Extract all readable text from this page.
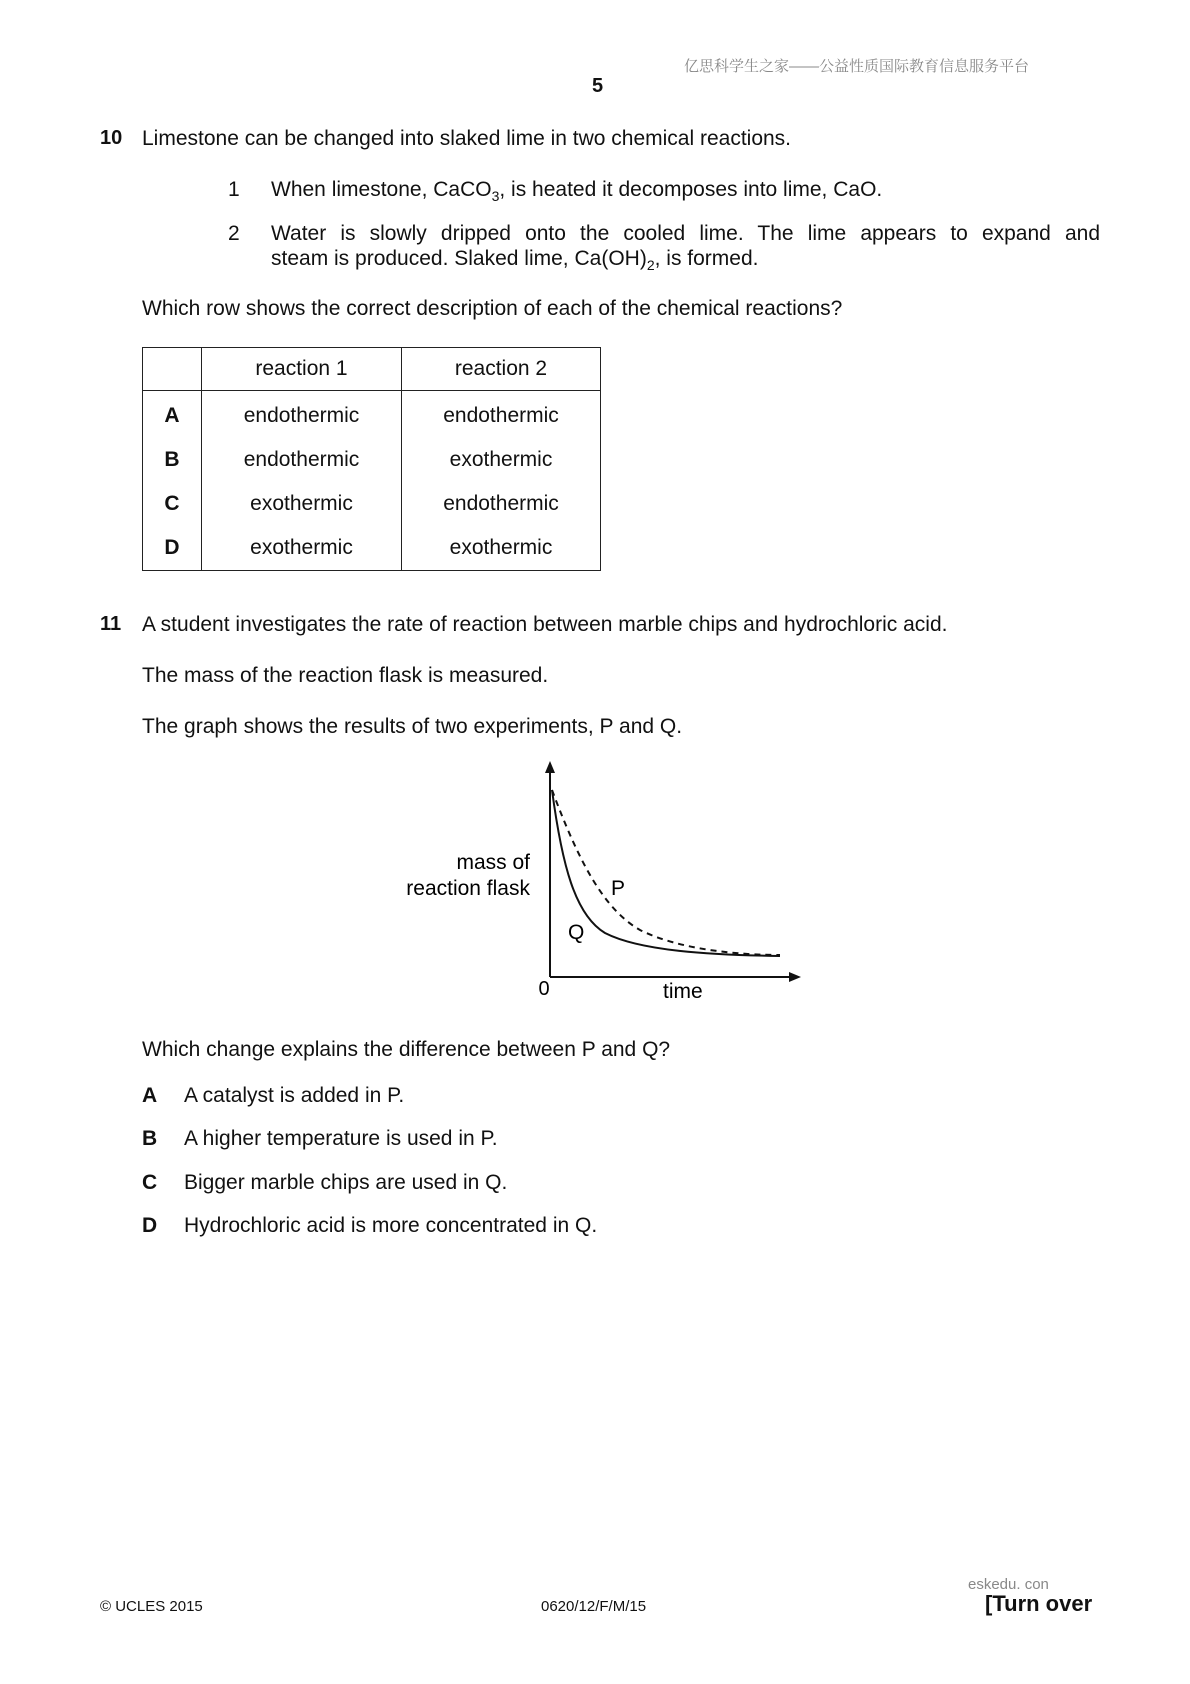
亿思科学生之家——公益性质国际教育信息服务平台
5
10 Limestone can be changed into slaked lime in two chemical reactions.
1 When limestone, CaCO$_3$, is heated it decomposes into lime, CaO.
2 Water is slowly dripped onto the cooled lime. The lime appears to expand and
steam is produced. Slaked lime, $Ca(OH)_2$, is formed.
Which row shows the correct description of each of the chemical reactions?
	reaction 1	reaction 2
A	endothermic	endothermic
B	endothermic	exothermic
C	exothermic	endothermic
D	exothermic	exothermic
11 A student investigates the rate of reaction between marble chips and hydrochloric acid.
The mass of the reaction flask is measured.
The graph shows the results of two experiments, P and Q.
mass of
reaction flask
0	time
P
Q
Which change explains the difference between P and Q?
A A catalyst is added in P.
B A higher temperature is used in P.
C Bigger marble chips are used in Q.
D Hydrochloric acid is more concentrated in Q.
eskedu. con
© UCLES 2015	0620/12/F/M/15	[Turn over
